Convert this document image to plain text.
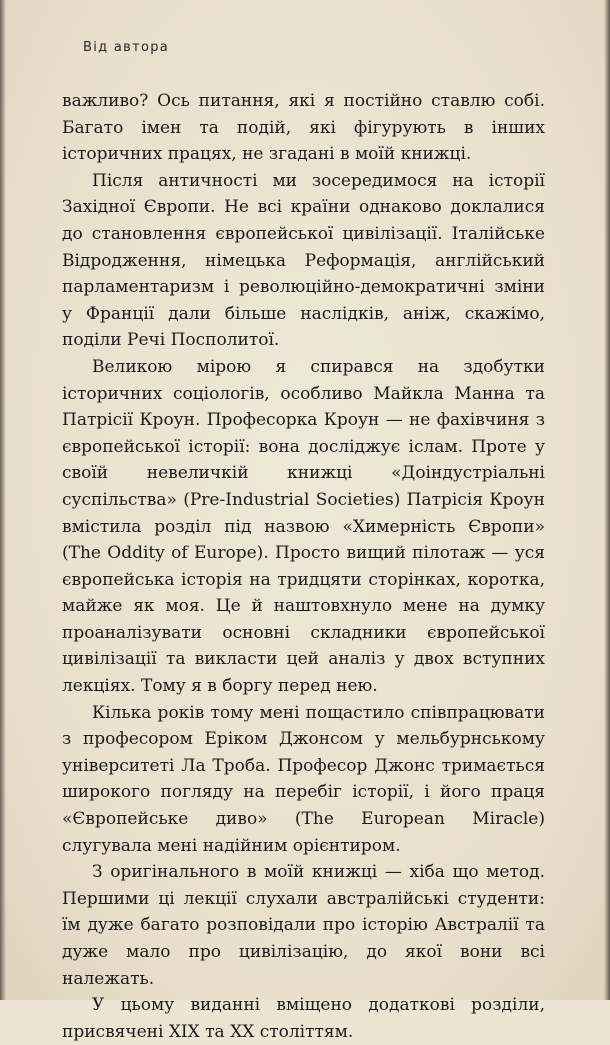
Від автора

важливо? Ось питання, які я постійно ставлю собі. Багато імен та подій, які фігурують в інших історичних працях, не згадані в моїй книжці.

Після античності ми зосередимося на історії Західної Європи. Не всі країни однаково доклалися до становлення європейської цивілізації. Італійське Відродження, німецька Реформація, англійський парламентаризм і революційно-демократичні зміни у Франції дали більше наслідків, аніж, скажімо, поділи Речі Посполитої.

Великою мірою я спирався на здобутки історичних соціологів, особливо Майкла Манна та Патрісії Кроун. Професорка Кроун — не фахівчиня з європейської історії: вона досліджує іслам. Проте у своїй невеличкій книжці «Доіндустріальні суспільства» (Pre-Industrial Societies) Патрісія Кроун вмістила розділ під назвою «Химерність Європи» (The Oddity of Europe). Просто вищий пілотаж — уся європейська історія на тридцяти сторінках, коротка, майже як моя. Це й наштовхнуло мене на думку проаналізувати основні складники європейської цивілізації та викласти цей аналіз у двох вступних лекціях. Тому я в боргу перед нею.

Кілька років тому мені пощастило співпрацювати з професором Еріком Джонсом у мельбурнському університеті Ла Троба. Професор Джонс тримається широкого погляду на перебіг історії, і його праця «Європейське диво» (The European Miracle) слугувала мені надійним орієнтиром.

З оригінального в моїй книжці — хіба що метод. Першими ці лекції слухали австралійські студенти: їм дуже багато розповідали про історію Австралії та дуже мало про цивілізацію, до якої вони всі належать.

У цьому виданні вміщено додаткові розділи, присвячені XIX та XX століттям.
